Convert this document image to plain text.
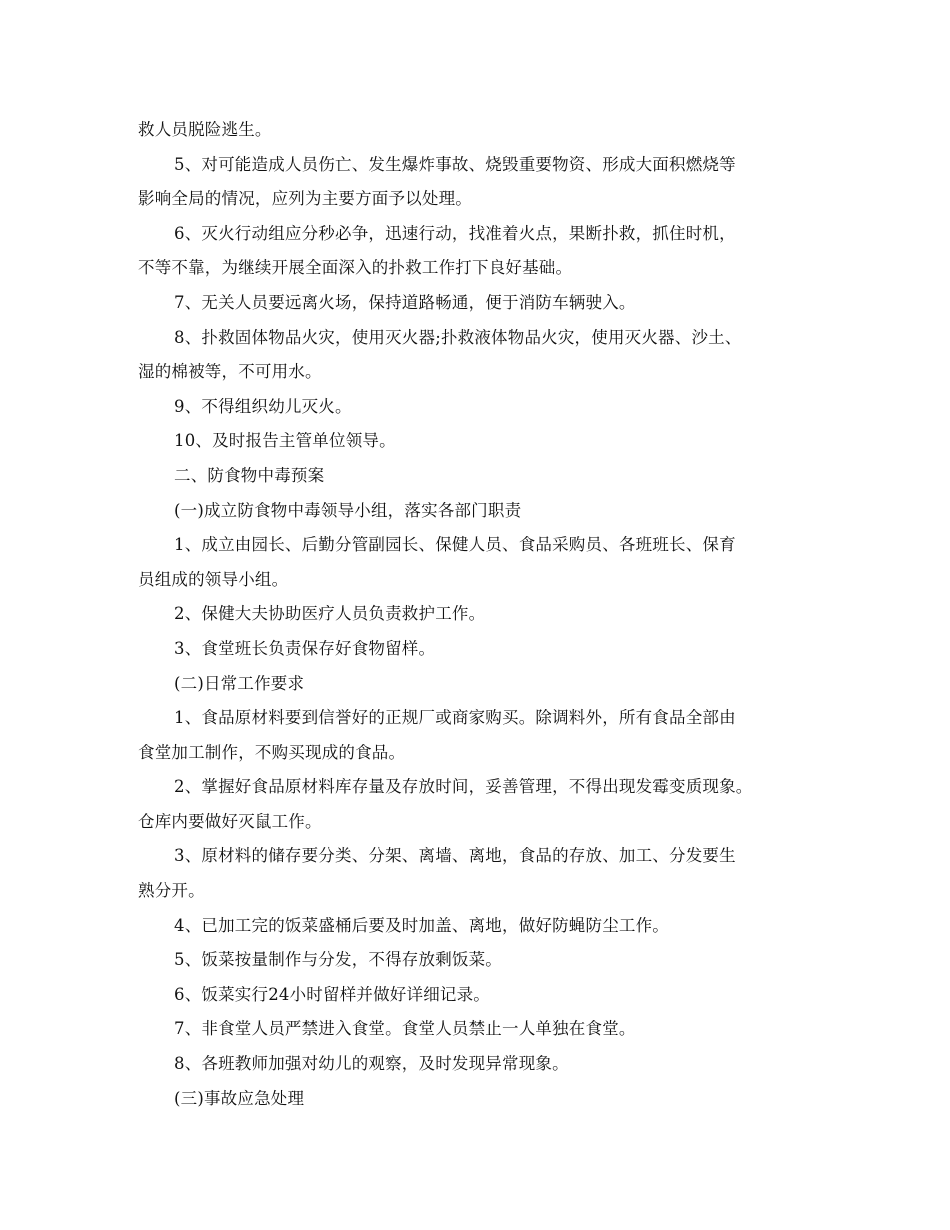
救人员脱险逃生。
5、对可能造成人员伤亡、发生爆炸事故、烧毁重要物资、形成大面积燃烧等
影响全局的情况，应列为主要方面予以处理。
6、灭火行动组应分秒必争，迅速行动，找准着火点，果断扑救，抓住时机，
不等不靠，为继续开展全面深入的扑救工作打下良好基础。
7、无关人员要远离火场，保持道路畅通，便于消防车辆驶入。
8、扑救固体物品火灾，使用灭火器;扑救液体物品火灾，使用灭火器、沙土、
湿的棉被等，不可用水。
9、不得组织幼儿灭火。
10、及时报告主管单位领导。
二、防食物中毒预案
(一)成立防食物中毒领导小组，落实各部门职责
1、成立由园长、后勤分管副园长、保健人员、食品采购员、各班班长、保育
员组成的领导小组。
2、保健大夫协助医疗人员负责救护工作。
3、食堂班长负责保存好食物留样。
(二)日常工作要求
1、食品原材料要到信誉好的正规厂或商家购买。除调料外，所有食品全部由
食堂加工制作，不购买现成的食品。
2、掌握好食品原材料库存量及存放时间，妥善管理，不得出现发霉变质现象。
仓库内要做好灭鼠工作。
3、原材料的储存要分类、分架、离墙、离地，食品的存放、加工、分发要生
熟分开。
4、已加工完的饭菜盛桶后要及时加盖、离地，做好防蝇防尘工作。
5、饭菜按量制作与分发，不得存放剩饭菜。
6、饭菜实行24小时留样并做好详细记录。
7、非食堂人员严禁进入食堂。食堂人员禁止一人单独在食堂。
8、各班教师加强对幼儿的观察，及时发现异常现象。
(三)事故应急处理
